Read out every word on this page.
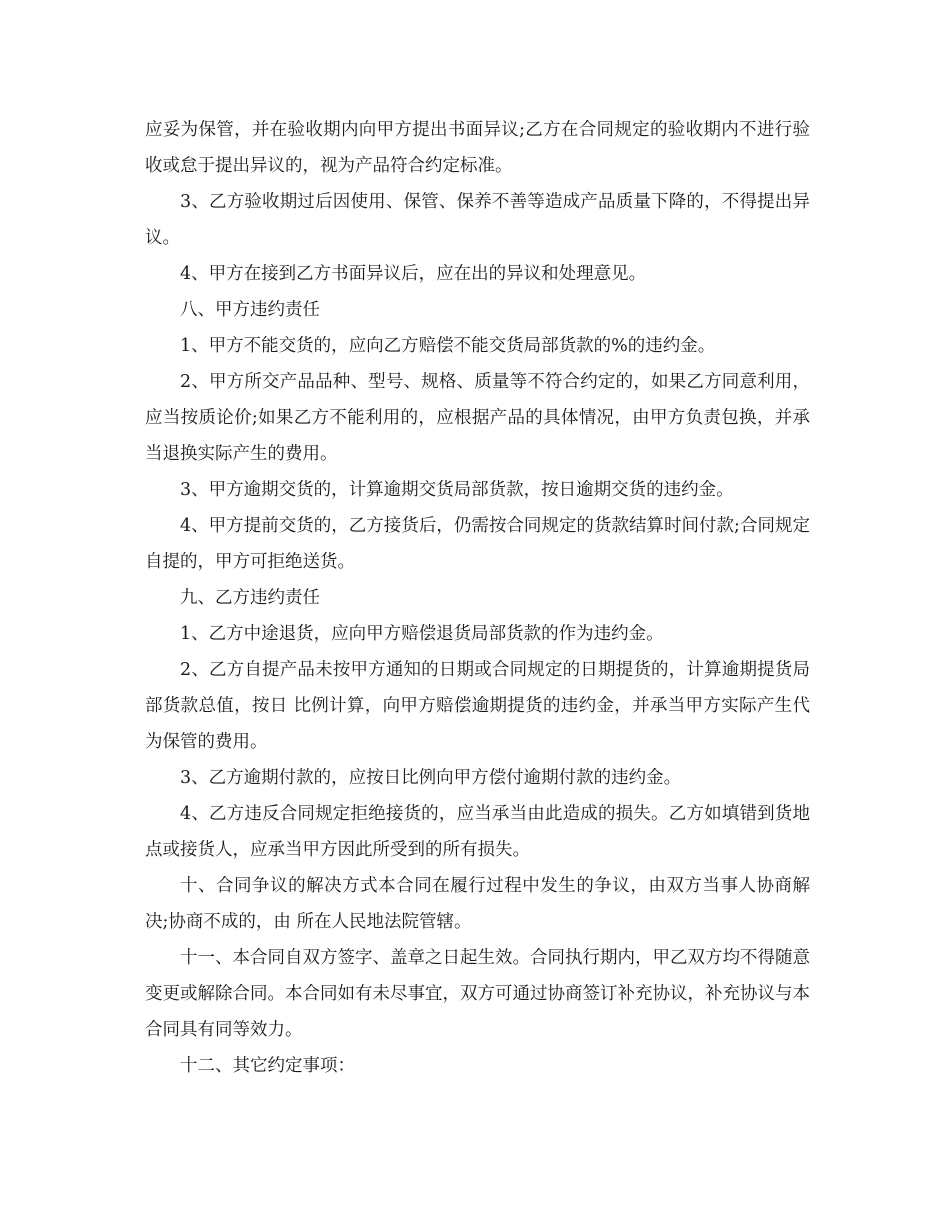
应妥为保管，并在验收期内向甲方提出书面异议;乙方在合同规定的验收期内不进行验收或怠于提出异议的，视为产品符合约定标准。

3、乙方验收期过后因使用、保管、保养不善等造成产品质量下降的，不得提出异议。

4、甲方在接到乙方书面异议后，应在出的异议和处理意见。

八、甲方违约责任

1、甲方不能交货的，应向乙方赔偿不能交货局部货款的%的违约金。

2、甲方所交产品品种、型号、规格、质量等不符合约定的，如果乙方同意利用，应当按质论价;如果乙方不能利用的，应根据产品的具体情况，由甲方负责包换，并承当退换实际产生的费用。

3、甲方逾期交货的，计算逾期交货局部货款，按日逾期交货的违约金。

4、甲方提前交货的，乙方接货后，仍需按合同规定的货款结算时间付款;合同规定自提的，甲方可拒绝送货。

九、乙方违约责任

1、乙方中途退货，应向甲方赔偿退货局部货款的作为违约金。

2、乙方自提产品未按甲方通知的日期或合同规定的日期提货的，计算逾期提货局部货款总值，按日 比例计算，向甲方赔偿逾期提货的违约金，并承当甲方实际产生代为保管的费用。

3、乙方逾期付款的，应按日比例向甲方偿付逾期付款的违约金。

4、乙方违反合同规定拒绝接货的，应当承当由此造成的损失。乙方如填错到货地点或接货人，应承当甲方因此所受到的所有损失。

十、合同争议的解决方式本合同在履行过程中发生的争议，由双方当事人协商解决;协商不成的，由 所在人民地法院管辖。

十一、本合同自双方签字、盖章之日起生效。合同执行期内，甲乙双方均不得随意变更或解除合同。本合同如有未尽事宜，双方可通过协商签订补充协议，补充协议与本合同具有同等效力。

十二、其它约定事项：
